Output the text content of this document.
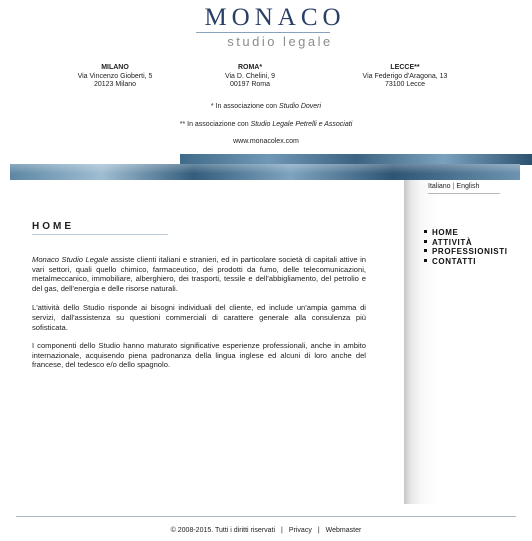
MONACO
studio legale
MILANO
Via Vincenzo Gioberti, 5
20123 Milano
ROMA*
Via D. Chelini, 9
00197 Roma
LECCE**
Via Federigo d'Aragona, 13
73100 Lecce
* In associazione con Studio Doveri
** In associazione con Studio Legale Petrelli e Associati
www.monacolex.com
Italiano | English
HOME
ATTIVITÀ
PROFESSIONISTI
CONTATTI
HOME

Monaco Studio Legale assiste clienti italiani e stranieri, ed in particolare società di capitali attive in vari settori, quali quello chimico, farmaceutico, dei prodotti da fumo, delle telecomunicazioni, metalmeccanico, immobiliare, alberghiero, dei trasporti, tessile e dell'abbigliamento, del petrolio e del gas, dell'energia e delle risorse naturali.

L'attività dello Studio risponde ai bisogni individuali del cliente, ed include un'ampia gamma di servizi, dall'assistenza su questioni commerciali di carattere generale alla consulenza più sofisticata.

I componenti dello Studio hanno maturato significative esperienze professionali, anche in ambito internazionale, acquisendo piena padronanza della lingua inglese ed alcuni di loro anche del francese, del tedesco e/o dello spagnolo.

© 2008-2015. Tutti i diritti riservati | Privacy | Webmaster
